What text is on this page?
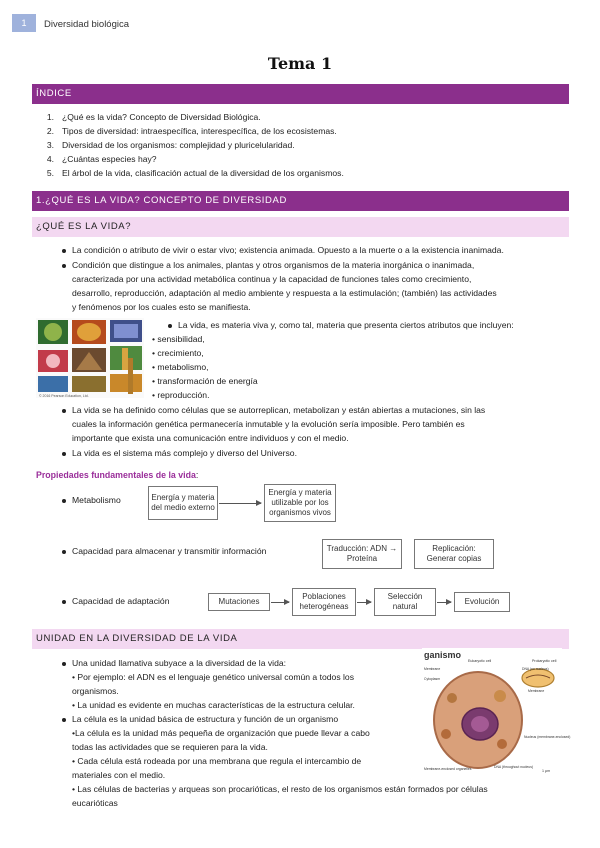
1	Diversidad biológica
Tema 1
ÍNDICE
1. ¿Qué es la vida? Concepto de Diversidad Biológica.
2. Tipos de diversidad: intraespecífica, interespecífica, de los ecosistemas.
3. Diversidad de los organismos: complejidad y pluricelularidad.
4. ¿Cuántas especies hay?
5. El árbol de la vida, clasificación actual de la diversidad de los organismos.
1.¿QUÉ ES LA VIDA? CONCEPTO DE DIVERSIDAD
¿QUÉ ES LA VIDA?
La condición o atributo de vivir o estar vivo; existencia animada. Opuesto a la muerte o a la existencia inanimada.
Condición que distingue a los animales, plantas y otros organismos de la materia inorgánica o inanimada,
caracterizada por una actividad metabólica continua y la capacidad de funciones tales como crecimiento,
desarrollo, reproducción, adaptación al medio ambiente y respuesta a la estimulación; (también) las actividades
y fenómenos por los cuales esto se manifiesta.
© 2016 Pearson Education, Ltd.
La vida, es materia viva y, como tal, materia que presenta ciertos atributos que incluyen:
• sensibilidad,
• crecimiento,
• metabolismo,
• transformación de energía
• reproducción.
La vida se ha definido como células que se autorreplican, metabolizan y están abiertas a mutaciones, sin las
cuales la información genética permanecería inmutable y la evolución sería imposible. Pero también es
importante que exista una comunicación entre individuos y con el medio.
La vida es el sistema más complejo y diverso del Universo.
Propiedades fundamentales de la vida:
Metabolismo	Energía y materia del medio externo
Energía y materia utilizable por los organismos vivos
Capacidad para almacenar y transmitir información	Traducción: ADN → Proteína
Replicación: Generar copias
Capacidad de adaptación	Mutaciones
Poblaciones heterogéneas
Selección natural
Evolución
UNIDAD EN LA DIVERSIDAD DE LA VIDA
Una unidad llamativa subyace a la diversidad de la vida:
• Por ejemplo: el ADN es el lenguaje genético universal común a todos los
organismos.
• La unidad es evidente en muchas características de la estructura celular.
La célula es la unidad básica de estructura y función de un organismo
•La célula es la unidad más pequeña de organización que puede llevar a cabo
todas las actividades que se requieren para la vida.
• Cada célula está rodeada por una membrana que regula el intercambio de
materiales con el medio.
• Las células de bacterias y arqueas son procarióticas, el resto de los organismos están formados por células
eucarióticas
ganismo
Eukaryotic cell	Prokaryotic cell
DNA (no nucleus)
Membrane
Membrane
Cytoplasm
Nucleus (membrane-enclosed)
DNA (throughout nucleus)
Membrane-enclosed organelles	1 μm
